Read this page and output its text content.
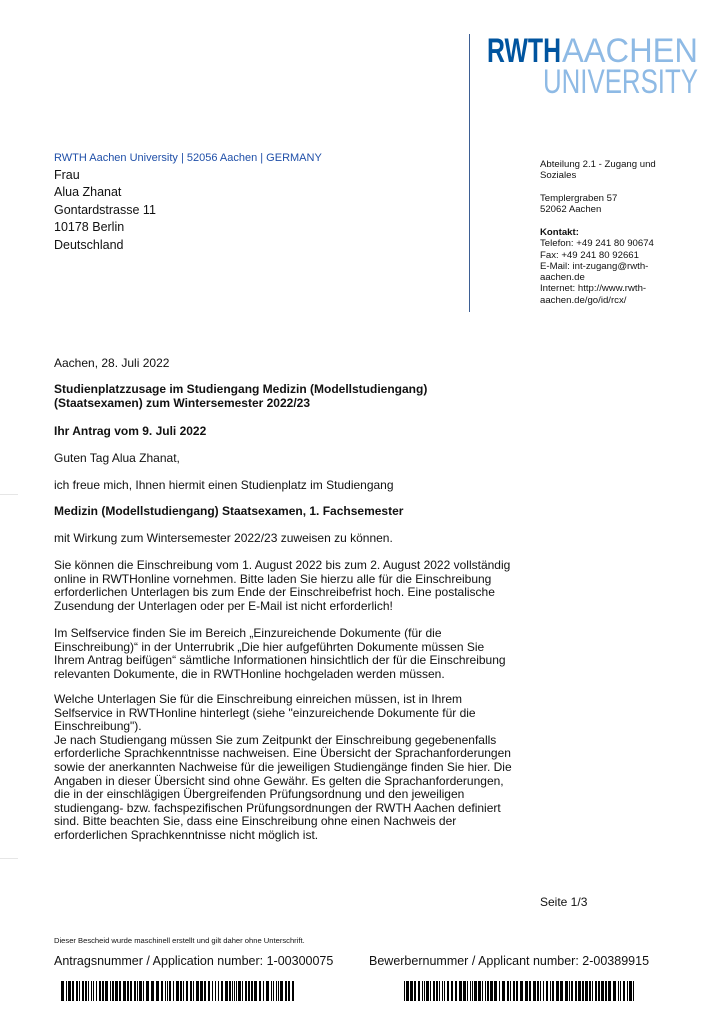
RWTH AACHEN
UNIVERSITY
RWTH Aachen University | 52056 Aachen | GERMANY
Frau
Alua Zhanat
Gontardstrasse 11
10178 Berlin
Deutschland
Abteilung 2.1 - Zugang und Soziales
Templergraben 57
52062 Aachen
Kontakt:
Telefon: +49 241 80 90674
Fax: +49 241 80 92661
E-Mail: int-zugang@rwth-
aachen.de
Internet: http://www.rwth-
aachen.de/go/id/rcx/
Aachen, 28. Juli 2022
Studienplatzzusage im Studiengang Medizin (Modellstudiengang)
(Staatsexamen) zum Wintersemester 2022/23
Ihr Antrag vom 9. Juli 2022
Guten Tag Alua Zhanat,
ich freue mich, Ihnen hiermit einen Studienplatz im Studiengang
Medizin (Modellstudiengang) Staatsexamen, 1. Fachsemester
mit Wirkung zum Wintersemester 2022/23 zuweisen zu können.
Sie können die Einschreibung vom 1. August 2022 bis zum 2. August 2022 vollständig
online in RWTHonline vornehmen. Bitte laden Sie hierzu alle für die Einschreibung
erforderlichen Unterlagen bis zum Ende der Einschreibefrist hoch. Eine postalische
Zusendung der Unterlagen oder per E-Mail ist nicht erforderlich!
Im Selfservice finden Sie im Bereich „Einzureichende Dokumente (für die
Einschreibung)“ in der Unterrubrik „Die hier aufgeführten Dokumente müssen Sie
Ihrem Antrag beifügen“ sämtliche Informationen hinsichtlich der für die Einschreibung
relevanten Dokumente, die in RWTHonline hochgeladen werden müssen.
Welche Unterlagen Sie für die Einschreibung einreichen müssen, ist in Ihrem
Selfservice in RWTHonline hinterlegt (siehe "einzureichende Dokumente für die
Einschreibung").
Je nach Studiengang müssen Sie zum Zeitpunkt der Einschreibung gegebenenfalls
erforderliche Sprachkenntnisse nachweisen. Eine Übersicht der Sprachanforderungen
sowie der anerkannten Nachweise für die jeweiligen Studiengänge finden Sie hier. Die
Angaben in dieser Übersicht sind ohne Gewähr. Es gelten die Sprachanforderungen,
die in der einschlägigen Übergreifenden Prüfungsordnung und den jeweiligen
studiengang- bzw. fachspezifischen Prüfungsordnungen der RWTH Aachen definiert
sind. Bitte beachten Sie, dass eine Einschreibung ohne einen Nachweis der
erforderlichen Sprachkenntnisse nicht möglich ist.
Seite 1/3
Dieser Bescheid wurde maschinell erstellt und gilt daher ohne Unterschrift.
Antragsnummer / Application number: 1-00300075	Bewerbernummer / Applicant number: 2-00389915
